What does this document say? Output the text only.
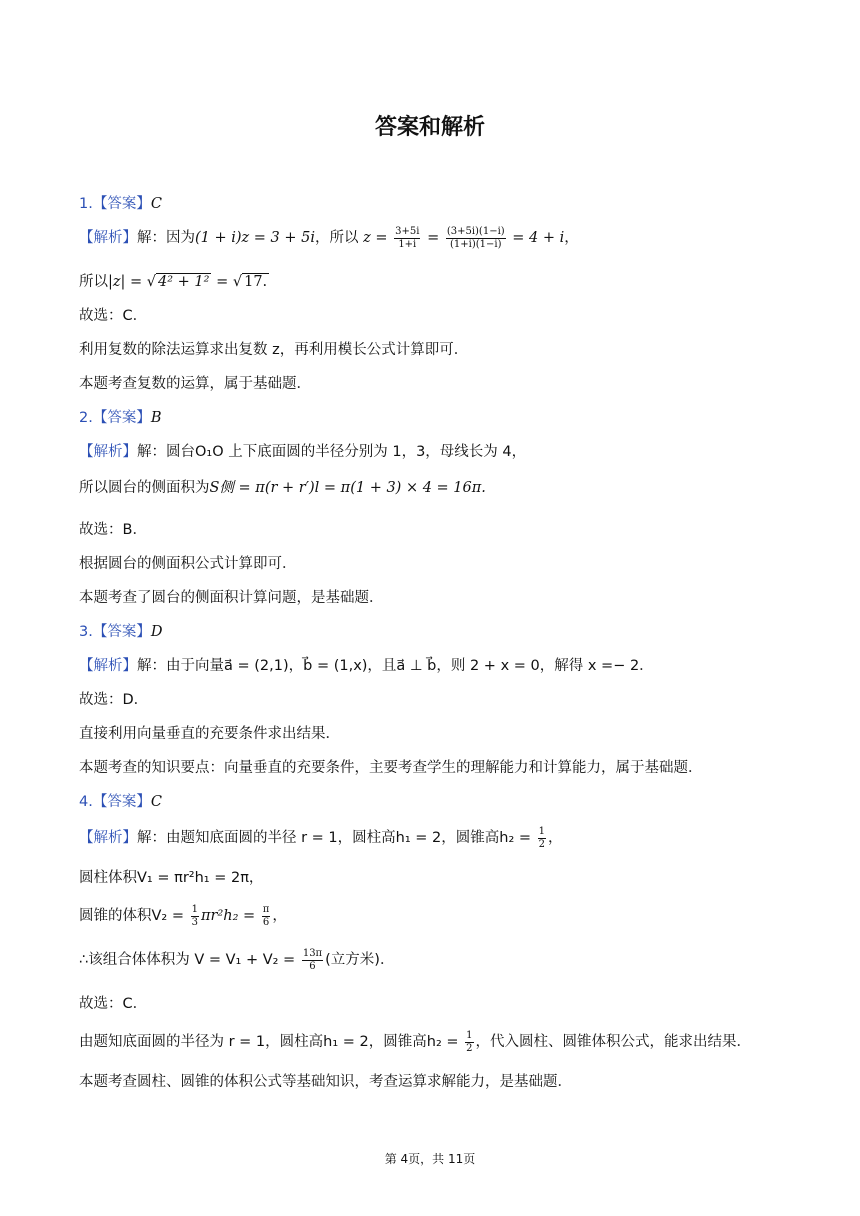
答案和解析
1.【答案】C
【解析】解：因为(1 + i)z = 3 + 5i，所以 $z = \frac{3+5i}{1+i} = \frac{(3+5i)(1-i)}{(1+i)(1-i)} = 4 + i$，
所以|z| = √ 4² + 1² = √ 17.
故选：C．
利用复数的除法运算求出复数 z，再利用模长公式计算即可．
本题考查复数的运算，属于基础题．
2.【答案】B
【解析】解：圆台O₁O 上下底面圆的半径分别为 1，3，母线长为 4，
所以圆台的侧面积为S侧 = π(r + r′)l = π(1 + 3) × 4 = 16π.
故选：B．
根据圆台的侧面积公式计算即可．
本题考查了圆台的侧面积计算问题，是基础题．
3.【答案】D
【解析】解：由于向量a⃗ = (2,1)，b⃗ = (1,x)，且a⃗ ⊥ b⃗，则 2 + x = 0，解得 x =− 2．
故选：D．
直接利用向量垂直的充要条件求出结果．
本题考查的知识要点：向量垂直的充要条件，主要考查学生的理解能力和计算能力，属于基础题．
4.【答案】C
【解析】解：由题知底面圆的半径 r = 1，圆柱高h₁ = 2，圆锥高$h_2 = \frac{1}{2}$ ，
圆柱体积V₁ = πr²h₁ = 2π，
圆锥的体积$V_2 = \frac{1}{3} \pi r^2h_2 = \frac{\pi}{6}$ ，
∴该组合体体积为 $V = V_1 + V_2 = \frac{13\pi}{6}$ (立方米)．
故选：C．
由题知底面圆的半径为 r = 1，圆柱高h₁ = 2，圆锥高$h_2 = \frac{1}{2}$ ，代入圆柱、圆锥体积公式，能求出结果．
本题考查圆柱、圆锥的体积公式等基础知识，考查运算求解能力，是基础题．
第 4页，共 11页
